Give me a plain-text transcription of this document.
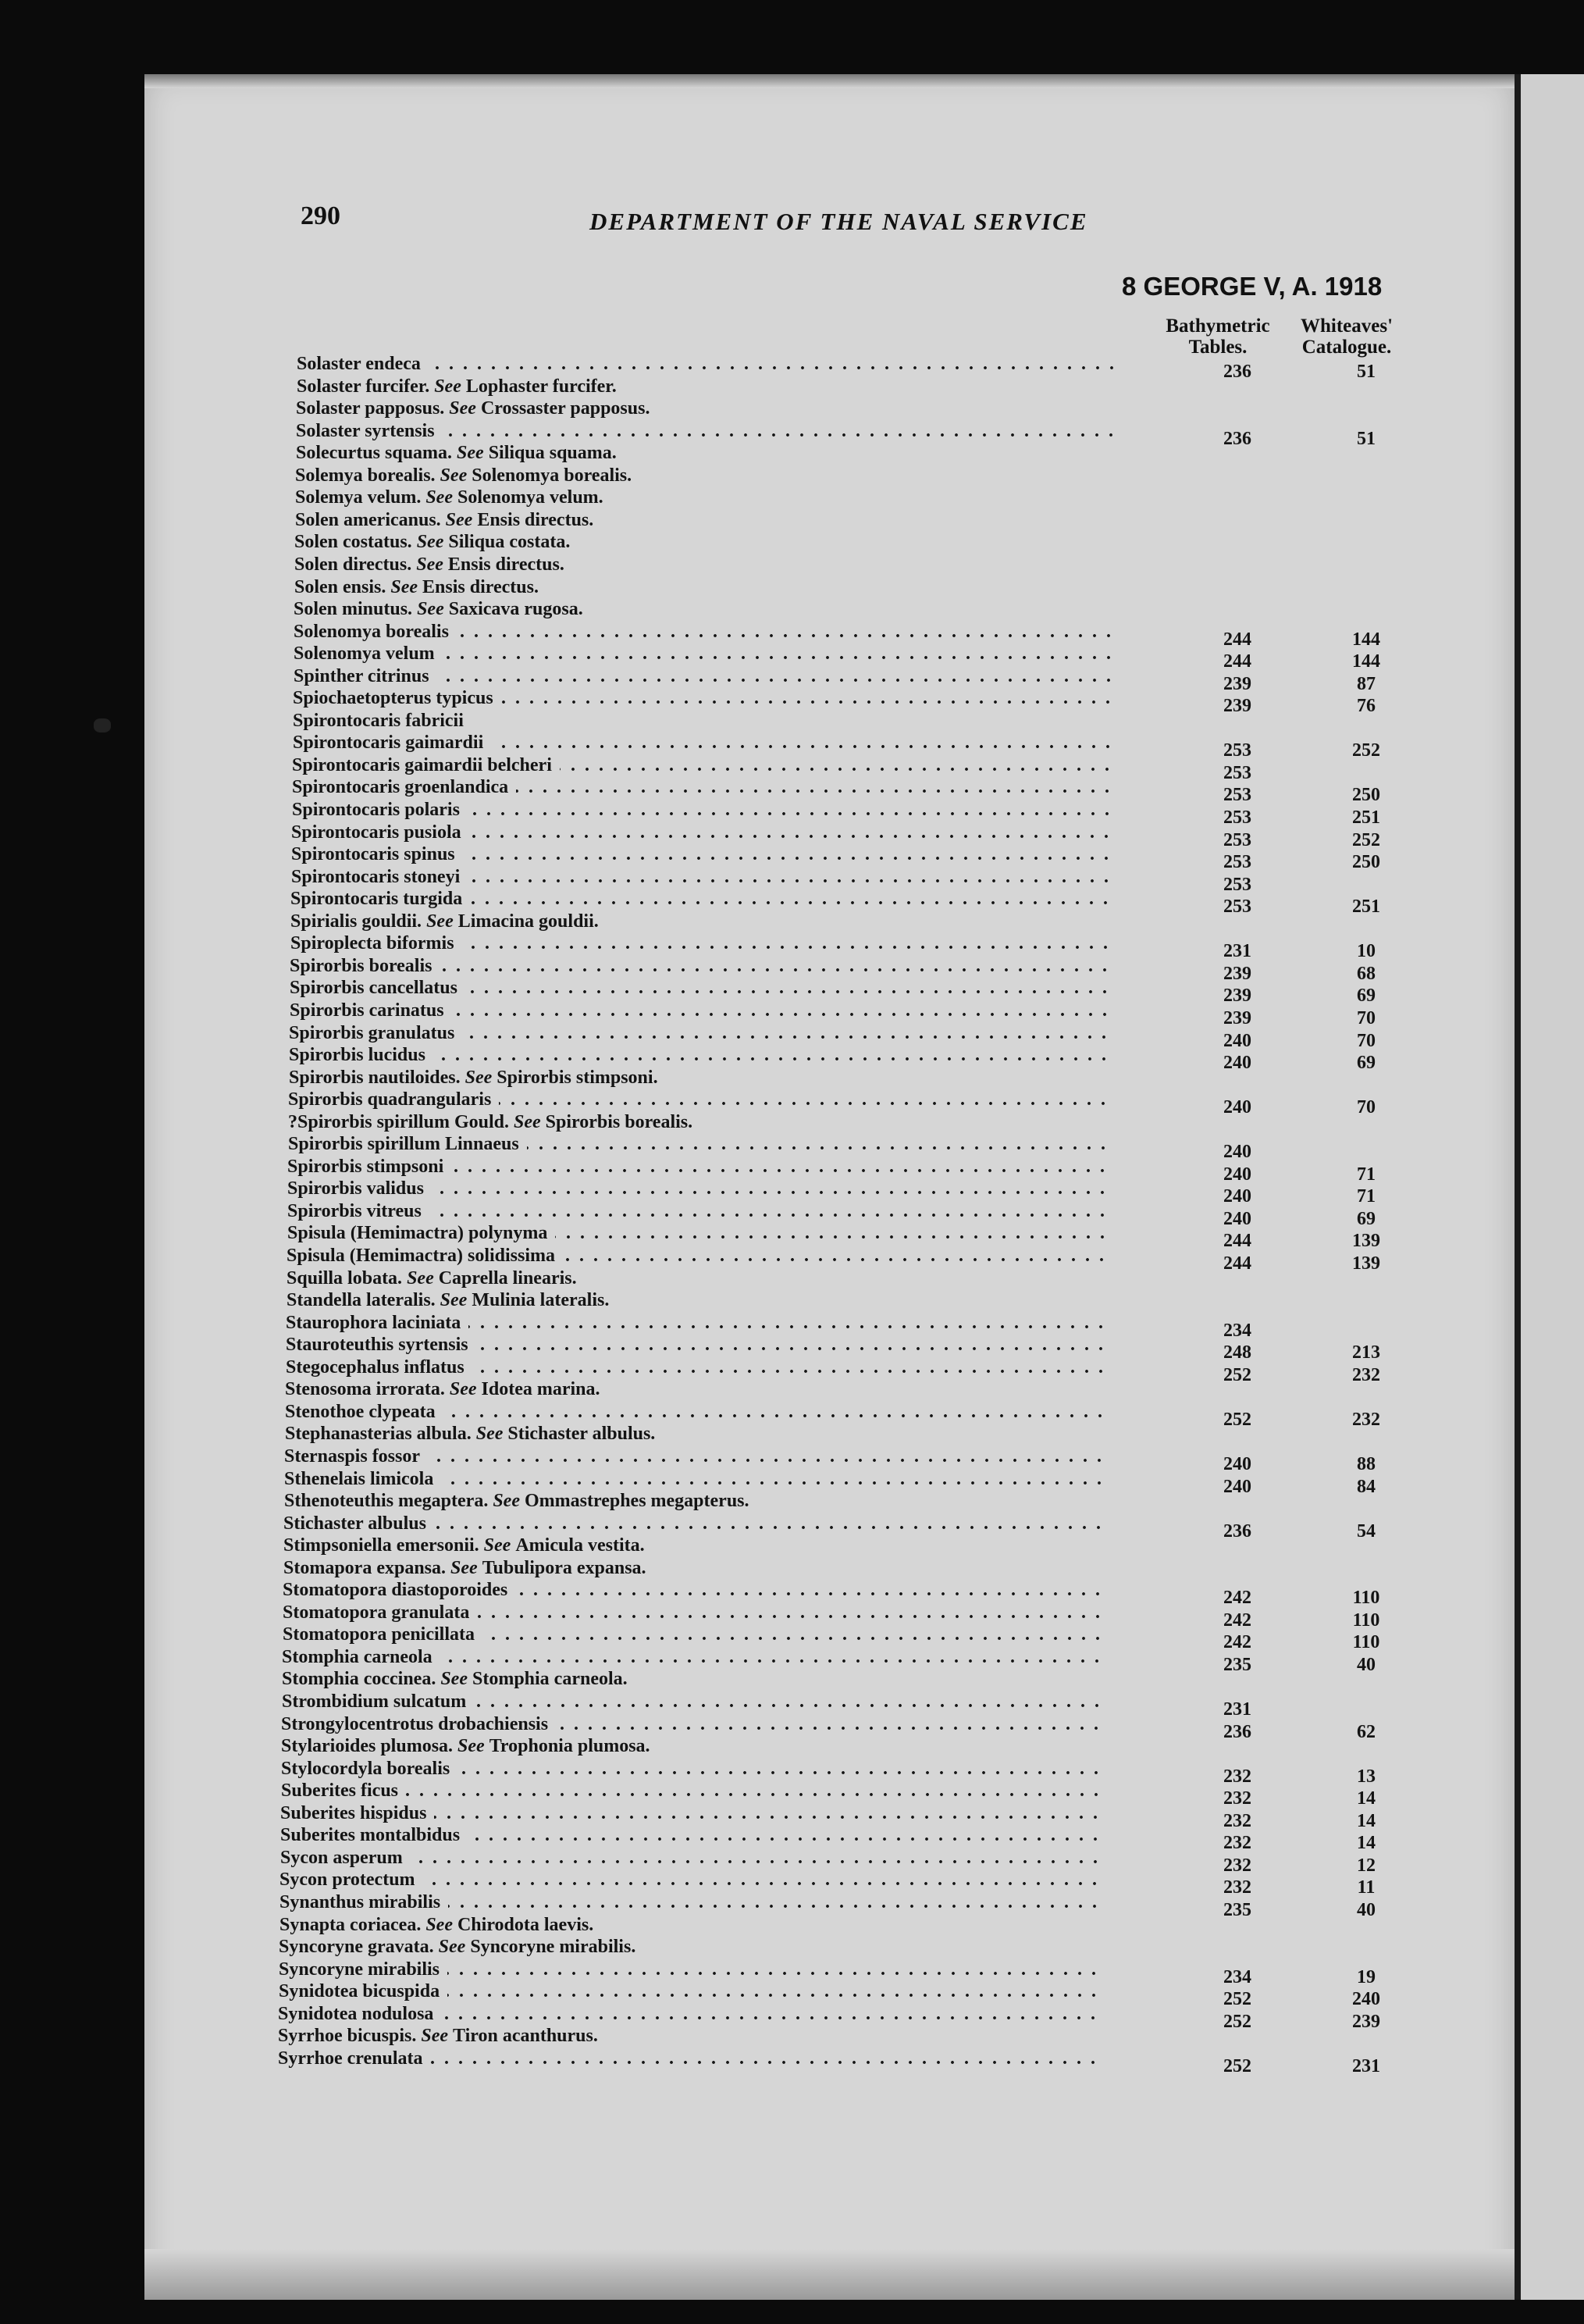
290	DEPARTMENT OF THE NAVAL SERVICE
8 GEORGE V, A. 1918
Bathymetric
Tables.
Whiteaves'
Catalogue.
. . .
Solaster endeca	236	51
Solaster furcifer. See Lophaster furcifer.
Solaster papposus. See Crossaster papposus.
. . .
Solaster syrtensis	236	51
Solecurtus squama. See Siliqua squama.
Solemya borealis. See Solenomya borealis.
Solemya velum. See Solenomya velum.
Solen americanus. See Ensis directus.
Solen costatus. See Siliqua costata.
Solen directus. See Ensis directus.
Solen ensis. See Ensis directus.
Solen minutus. See Saxicava rugosa.
. . .
Solenomya borealis	244	144
. . .
Solenomya velum	244	144
. . .
Spinther citrinus	239	87
. . .
Spiochaetopterus typicus	239	76
Spirontocaris fabricii
. . .
Spirontocaris gaimardii	253	252
. . .
Spirontocaris gaimardii belcheri	253
. . .
Spirontocaris groenlandica	253	250
. . .
Spirontocaris polaris	253	251
. . .
Spirontocaris pusiola	253	252
. . .
Spirontocaris spinus	253	250
. . .
Spirontocaris stoneyi	253
. . .
Spirontocaris turgida	253	251
Spirialis gouldii. See Limacina gouldii.
. . .
Spiroplecta biformis	231	10
. . .
Spirorbis borealis	239	68
. . .
Spirorbis cancellatus	239	69
. . .
Spirorbis carinatus	239	70
. . .
Spirorbis granulatus	240	70
. . .
Spirorbis lucidus	240	69
Spirorbis nautiloides. See Spirorbis stimpsoni.
. . .
Spirorbis quadrangularis	240	70
?Spirorbis spirillum Gould. See Spirorbis borealis.
. . .
Spirorbis spirillum Linnaeus	240
. . .
Spirorbis stimpsoni	240	71
. . .
Spirorbis validus	240	71
. . .
Spirorbis vitreus	240	69
. . .
Spisula (Hemimactra) polynyma	244	139
. . .
Spisula (Hemimactra) solidissima	244	139
Squilla lobata. See Caprella linearis.
Standella lateralis. See Mulinia lateralis.
. . .
Staurophora laciniata	234
. . .
Stauroteuthis syrtensis	248	213
. . .
Stegocephalus inflatus	252	232
Stenosoma irrorata. See Idotea marina.
. . .
Stenothoe clypeata	252	232
Stephanasterias albula. See Stichaster albulus.
. . .
Sternaspis fossor	240	88
. . .
Sthenelais limicola	240	84
Sthenoteuthis megaptera. See Ommastrephes megapterus.
. . .
Stichaster albulus	236	54
Stimpsoniella emersonii. See Amicula vestita.
Stomapora expansa. See Tubulipora expansa.
. . .
Stomatopora diastoporoides	242	110
. . .
Stomatopora granulata	242	110
. . .
Stomatopora penicillata	242	110
. . .
Stomphia carneola	235	40
Stomphia coccinea. See Stomphia carneola.
. . .
Strombidium sulcatum	231
. . .
Strongylocentrotus drobachiensis	236	62
Stylarioides plumosa. See Trophonia plumosa.
. . .
Stylocordyla borealis	232	13
. . .
Suberites ficus	232	14
. . .
Suberites hispidus	232	14
. . .
Suberites montalbidus	232	14
. . .
Sycon asperum	232	12
. . .
Sycon protectum	232	11
. . .
Synanthus mirabilis	235	40
Synapta coriacea. See Chirodota laevis.
Syncoryne gravata. See Syncoryne mirabilis.
. . .
Syncoryne mirabilis	234	19
. . .
Synidotea bicuspida	252	240
. . .
Synidotea nodulosa	252	239
Syrrhoe bicuspis. See Tiron acanthurus.
. . .
Syrrhoe crenulata	252	231
